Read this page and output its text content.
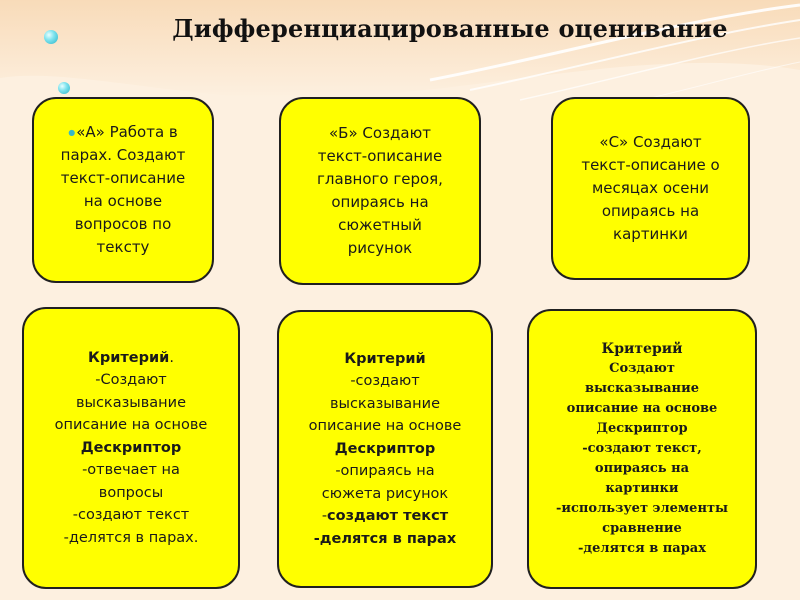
Дифференциацированные оценивание
●«А» Работа в
парах. Создают
текст-описание
на основе
вопросов по
тексту
«Б» Создают
текст-описание
главного героя,
опираясь на
сюжетный
рисунок
«С» Создают
текст-описание о
месяцах осени
опираясь на
картинки
Критерий.
-Создают
высказывание
описание на основе
Дескриптор
-отвечает на
вопросы
-создают текст
-делятся в парах.
Критерий
-создают
высказывание
описание на основе
Дескриптор
-опираясь на
сюжета рисунок
-создают текст
-делятся в парах
Критерий
Создают
высказывание
описание на основе
Дескриптор
-создают текст,
опираясь на
картинки
-использует элементы
сравнение
-делятся в парах
